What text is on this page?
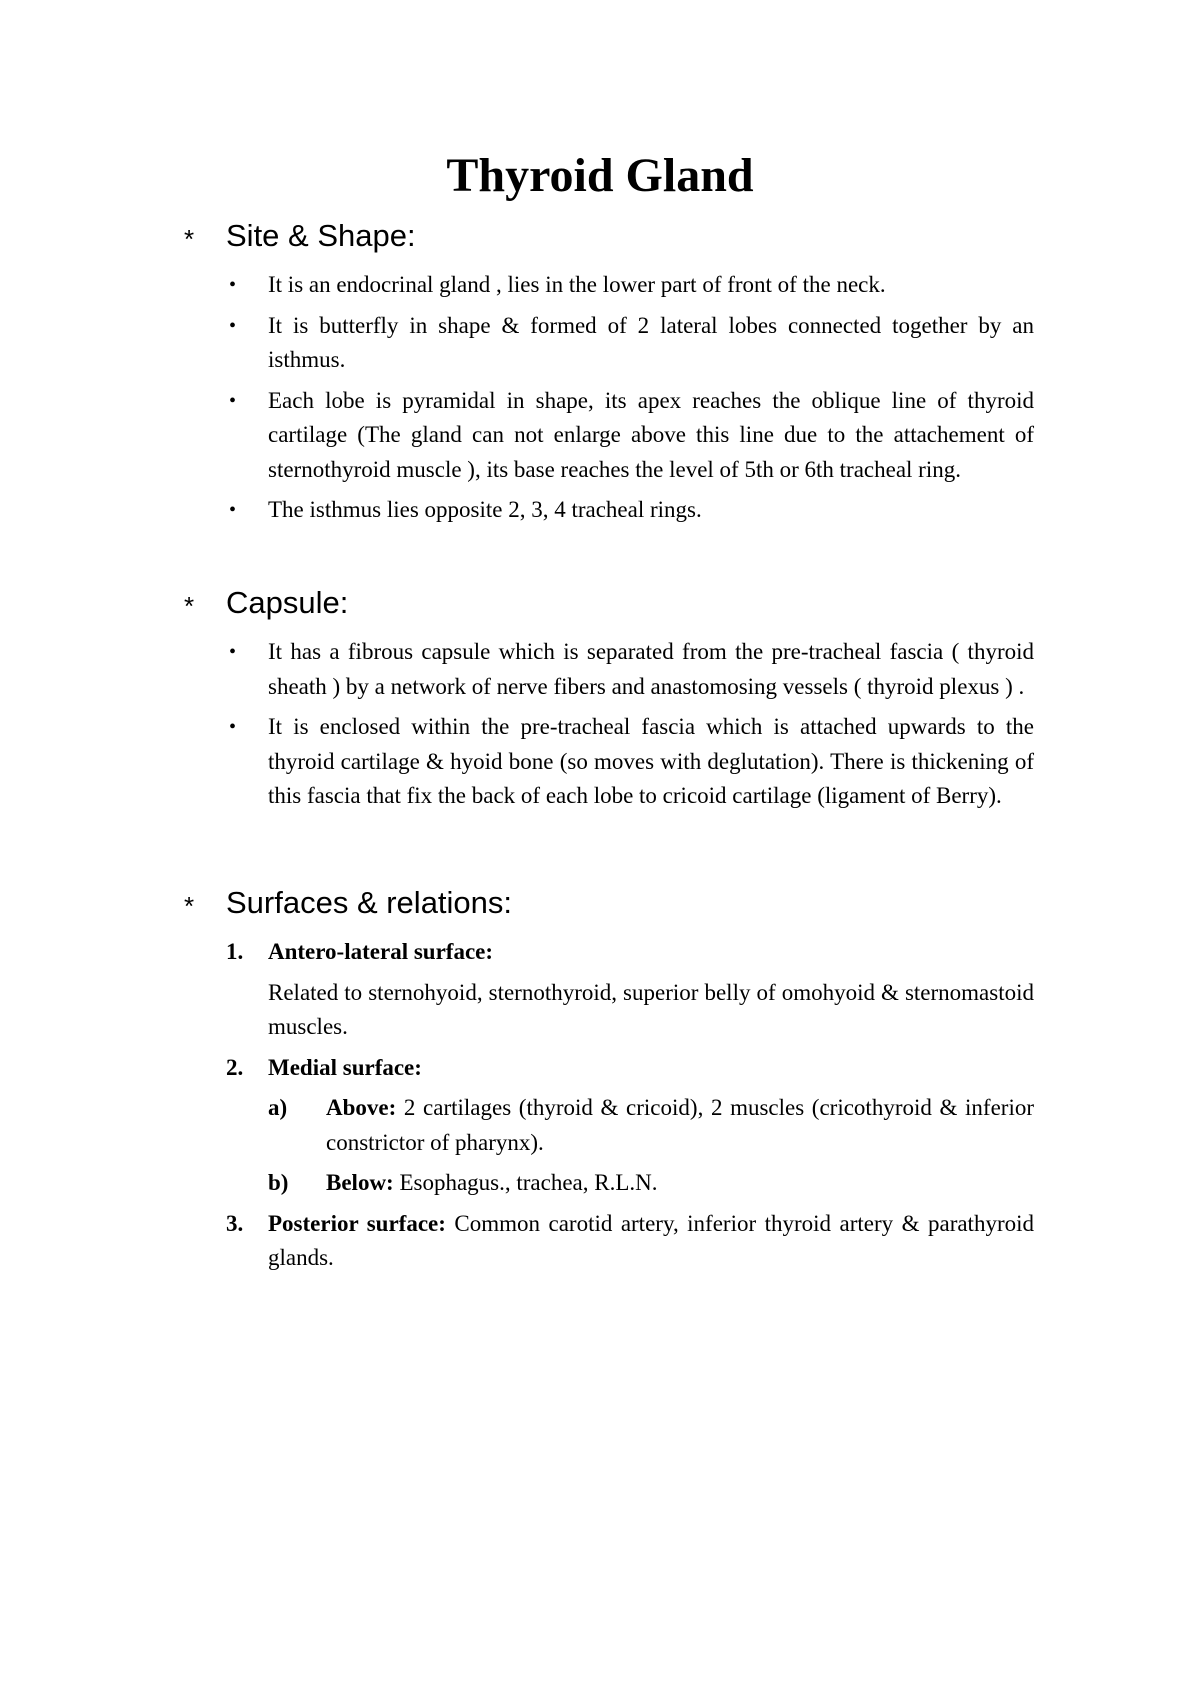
Thyroid Gland
*	Site & Shape:
• It is an endocrinal gland , lies in the lower part of front of the neck.
• It is butterfly in shape & formed of 2 lateral lobes connected together by an isthmus.
• Each lobe is pyramidal in shape, its apex reaches the oblique line of thyroid cartilage (The gland can not enlarge above this line due to the attachement of sternothyroid muscle ), its base reaches the level of 5th or 6th tracheal ring.
• The isthmus lies opposite 2, 3, 4 tracheal rings.
*	Capsule:
• It has a fibrous capsule which is separated from the pre-tracheal fascia ( thyroid sheath ) by a network of nerve fibers and anastomosing vessels ( thyroid plexus ) .
• It is enclosed within the pre-tracheal fascia which is attached upwards to the thyroid cartilage & hyoid bone (so moves with deglutation). There is thickening of this fascia that fix the back of each lobe to cricoid cartilage (ligament of Berry).
*	Surfaces & relations:
1. Antero-lateral surface:
Related to sternohyoid, sternothyroid, superior belly of omohyoid & sternomastoid muscles.
2. Medial surface:
a) Above: 2 cartilages (thyroid & cricoid), 2 muscles (cricothyroid & inferior constrictor of pharynx).
b) Below: Esophagus., trachea, R.L.N.
3. Posterior surface: Common carotid artery, inferior thyroid artery & parathyroid glands.
